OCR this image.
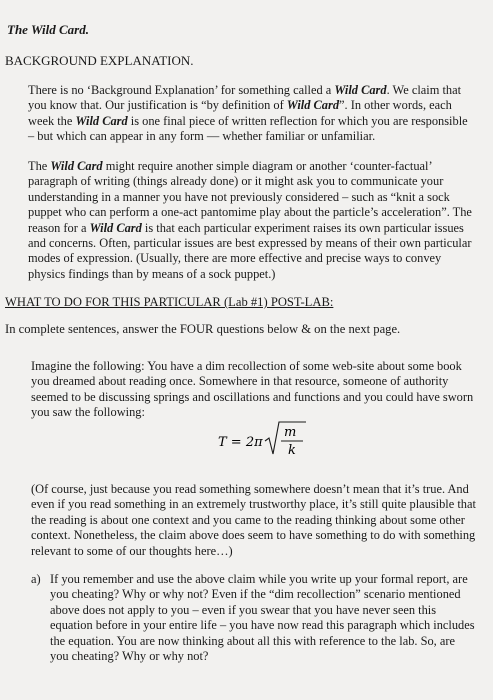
The Wild Card.
BACKGROUND EXPLANATION.

There is no ‘Background Explanation’ for something called a Wild Card. We claim that you know that. Our justification is “by definition of Wild Card”. In other words, each week the Wild Card is one final piece of written reflection for which you are responsible – but which can appear in any form — whether familiar or unfamiliar.

The Wild Card might require another simple diagram or another ‘counter-factual’ paragraph of writing (things already done) or it might ask you to communicate your understanding in a manner you have not previously considered – such as “knit a sock puppet who can perform a one-act pantomime play about the particle’s acceleration”. The reason for a Wild Card is that each particular experiment raises its own particular issues and concerns. Often, particular issues are best expressed by means of their own particular modes of expression. (Usually, there are more effective and precise ways to convey physics findings than by means of a sock puppet.)

WHAT TO DO FOR THIS PARTICULAR (Lab #1) POST-LAB:
In complete sentences, answer the FOUR questions below & on the next page.

Imagine the following: You have a dim recollection of some web-site about some book you dreamed about reading once. Somewhere in that resource, someone of authority seemed to be discussing springs and oscillations and functions and you could have sworn you saw the following:

T = 2π
m
k

(Of course, just because you read something somewhere doesn’t mean that it’s true. And even if you read something in an extremely trustworthy place, it’s still quite plausible that the reading is about one context and you came to the reading thinking about some other context. Nonetheless, the claim above does seem to have something to do with something relevant to some of our thoughts here…)

a) If you remember and use the above claim while you write up your formal report, are you cheating? Why or why not? Even if the “dim recollection” scenario mentioned above does not apply to you – even if you swear that you have never seen this equation before in your entire life – you have now read this paragraph which includes the equation. You are now thinking about all this with reference to the lab. So, are you cheating? Why or why not?
